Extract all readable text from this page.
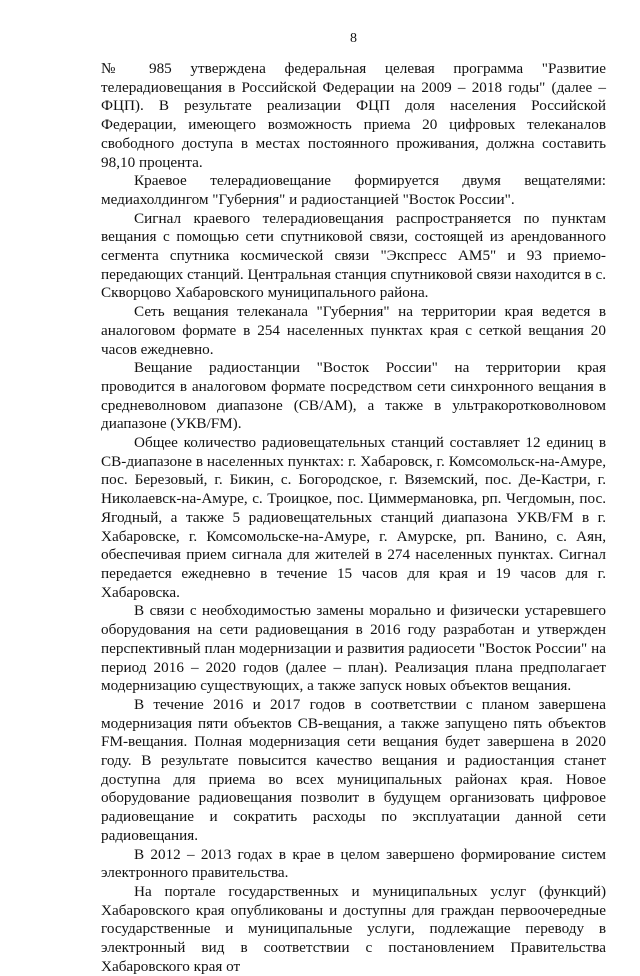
8

№ 985 утверждена федеральная целевая программа "Развитие телерадиовещания в Российской Федерации на 2009 – 2018 годы" (далее – ФЦП). В результате реализации ФЦП доля населения Российской Федерации, имеющего возможность приема 20 цифровых телеканалов свободного доступа в местах постоянного проживания, должна составить 98,10 процента.

Краевое телерадиовещание формируется двумя вещателями: медиахолдингом "Губерния" и радиостанцией "Восток России".

Сигнал краевого телерадиовещания распространяется по пунктам вещания с помощью сети спутниковой связи, состоящей из арендованного сегмента спутника космической связи "Экспресс АМ5" и 93 приемо-передающих станций. Центральная станция спутниковой связи находится в с. Скворцово Хабаровского муниципального района.

Сеть вещания телеканала "Губерния" на территории края ведется в аналоговом формате в 254 населенных пунктах края с сеткой вещания 20 часов ежедневно.

Вещание радиостанции "Восток России" на территории края проводится в аналоговом формате посредством сети синхронного вещания в средневолновом диапазоне (СВ/АМ), а также в ультракоротковолновом диапазоне (УКВ/FM).

Общее количество радиовещательных станций составляет 12 единиц в СВ-диапазоне в населенных пунктах: г. Хабаровск, г. Комсомольск-на-Амуре, пос. Березовый, г. Бикин, с. Богородское, г. Вяземский, пос. Де-Кастри, г. Николаевск-на-Амуре, с. Троицкое, пос. Циммермановка, рп. Чегдомын, пос. Ягодный, а также 5 радиовещательных станций диапазона УКВ/FM в г. Хабаровске, г. Комсомольске-на-Амуре, г. Амурске, рп. Ванино, с. Аян, обеспечивая прием сигнала для жителей в 274 населенных пунктах. Сигнал передается ежедневно в течение 15 часов для края и 19 часов для г. Хабаровска.

В связи с необходимостью замены морально и физически устаревшего оборудования на сети радиовещания в 2016 году разработан и утвержден перспективный план модернизации и развития радиосети "Восток России" на период 2016 – 2020 годов (далее – план). Реализация плана предполагает модернизацию существующих, а также запуск новых объектов вещания.

В течение 2016 и 2017 годов в соответствии с планом завершена модернизация пяти объектов СВ-вещания, а также запущено пять объектов FM-вещания. Полная модернизация сети вещания будет завершена в 2020 году. В результате повысится качество вещания и радиостанция станет доступна для приема во всех муниципальных районах края. Новое оборудование радиовещания позволит в будущем организовать цифровое радиовещание и сократить расходы по эксплуатации данной сети радиовещания.

В 2012 – 2013 годах в крае в целом завершено формирование систем электронного правительства.

На портале государственных и муниципальных услуг (функций) Хабаровского края опубликованы и доступны для граждан первоочередные государственные и муниципальные услуги, подлежащие переводу в электронный вид в соответствии с постановлением Правительства Хабаровского края от
